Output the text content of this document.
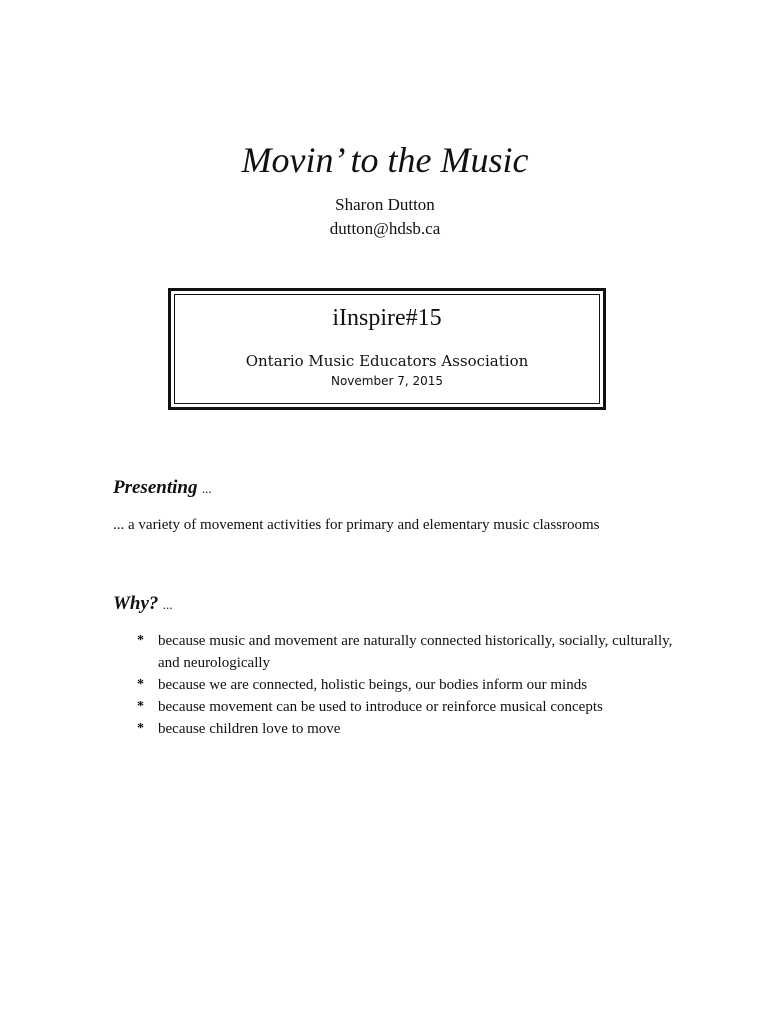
Movin’ to the Music
Sharon Dutton
dutton@hdsb.ca
iInspire#15
Ontario Music Educators Association
November 7, 2015
Presenting ...
... a variety of movement activities for primary and elementary music classrooms
Why? ...
* because music and movement are naturally connected historically, socially, culturally, and neurologically
* because we are connected, holistic beings, our bodies inform our minds
* because movement can be used to introduce or reinforce musical concepts
* because children love to move
